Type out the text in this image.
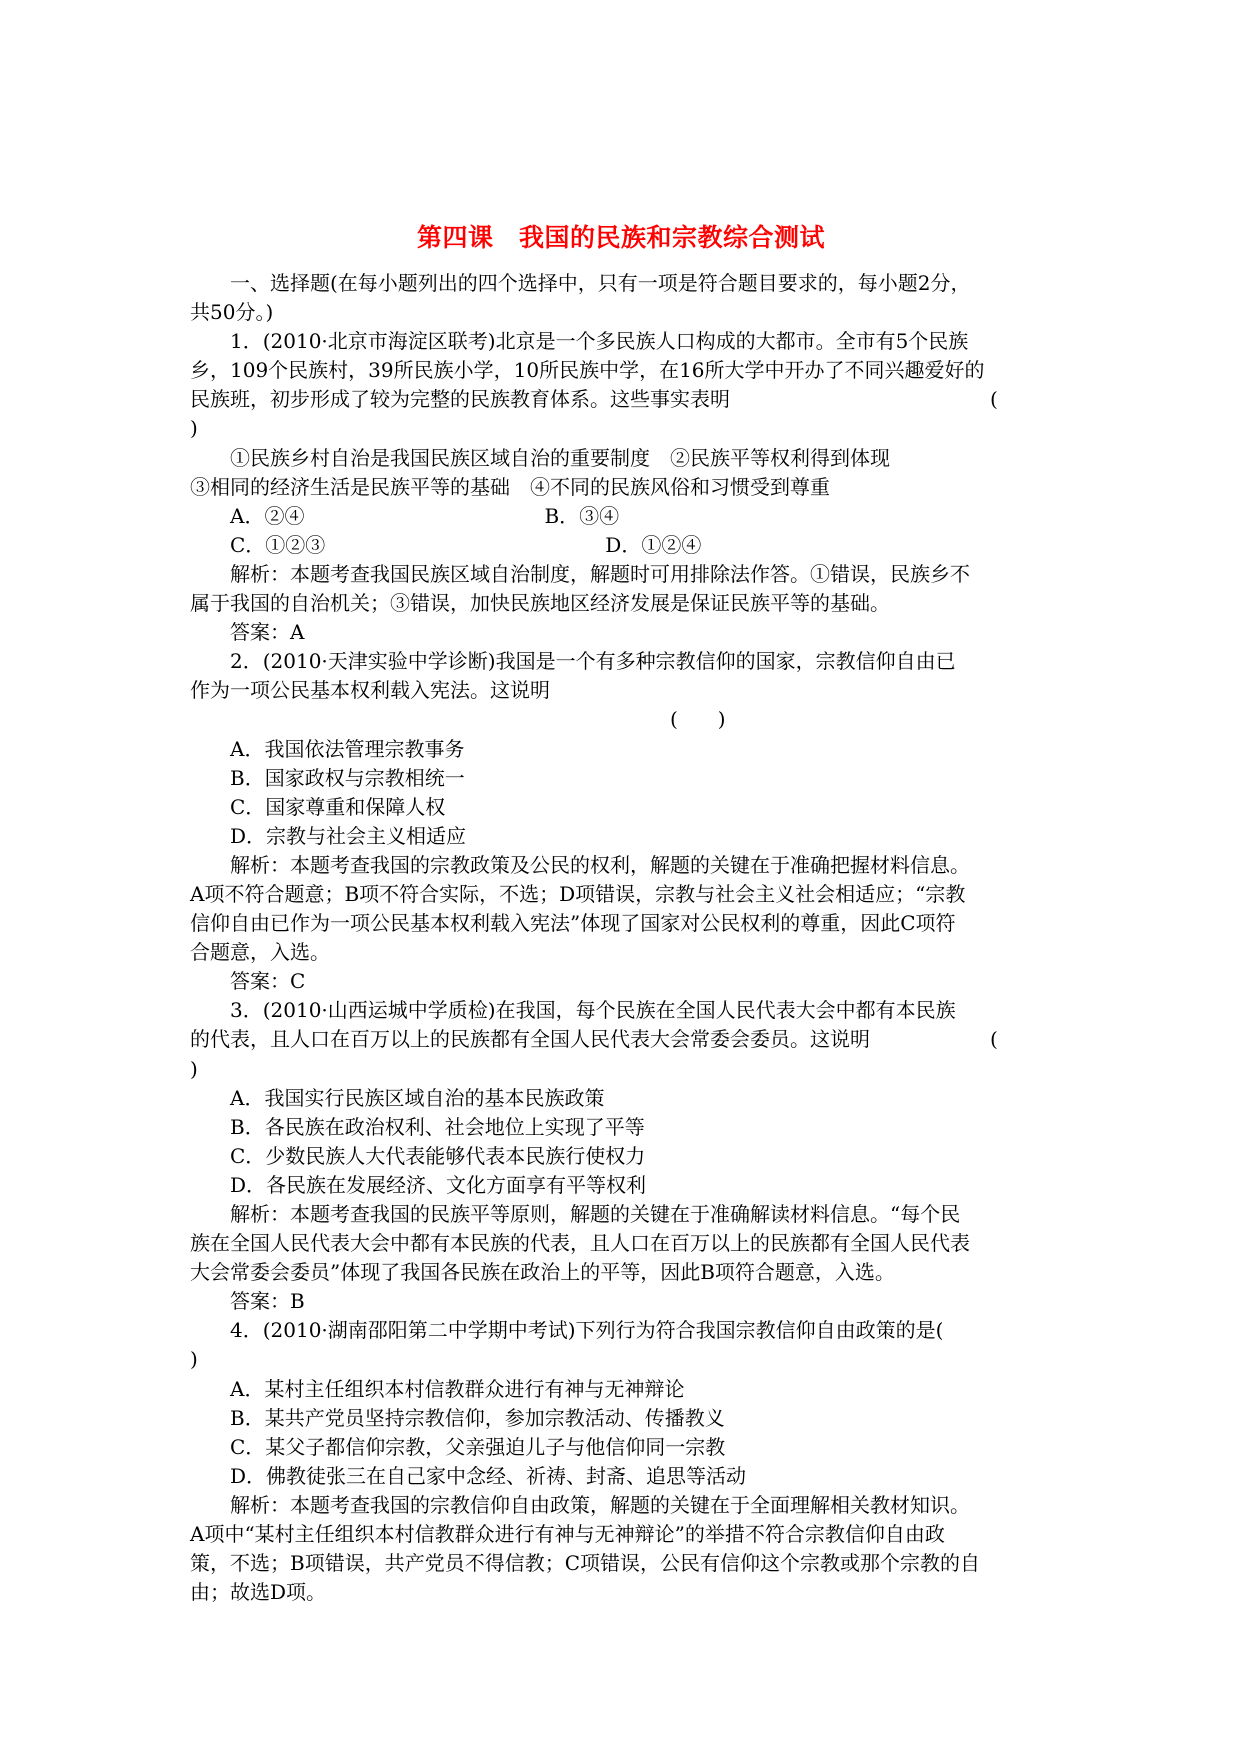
第四课　我国的民族和宗教综合测试
一、选择题(在每小题列出的四个选择中，只有一项是符合题目要求的，每小题2分，
共50分。)
1．(2010·北京市海淀区联考)北京是一个多民族人口构成的大都市。全市有5个民族
乡，109个民族村，39所民族小学，10所民族中学，在16所大学中开办了不同兴趣爱好的
民族班，初步形成了较为完整的民族教育体系。这些事实表明　　　　　　　　　　　　　(
)
①民族乡村自治是我国民族区域自治的重要制度　②民族平等权利得到体现
③相同的经济生活是民族平等的基础　④不同的民族风俗和习惯受到尊重
A．②④　　　　　　　　　　　　B．③④
C．①②③　　　　　　　　　　　　　　D．①②④
解析：本题考查我国民族区域自治制度，解题时可用排除法作答。①错误，民族乡不
属于我国的自治机关；③错误，加快民族地区经济发展是保证民族平等的基础。
答案：A
2．(2010·天津实验中学诊断)我国是一个有多种宗教信仰的国家，宗教信仰自由已
作为一项公民基本权利载入宪法。这说明
　　　　　　　　　　　　　　　　　　　　　　　　(　　)
A．我国依法管理宗教事务
B．国家政权与宗教相统一
C．国家尊重和保障人权
D．宗教与社会主义相适应
解析：本题考查我国的宗教政策及公民的权利，解题的关键在于准确把握材料信息。
A项不符合题意；B项不符合实际，不选；D项错误，宗教与社会主义社会相适应；“宗教
信仰自由已作为一项公民基本权利载入宪法”体现了国家对公民权利的尊重，因此C项符
合题意，入选。
答案：C
3．(2010·山西运城中学质检)在我国，每个民族在全国人民代表大会中都有本民族
的代表，且人口在百万以上的民族都有全国人民代表大会常委会委员。这说明　　　　　　(
)
A．我国实行民族区域自治的基本民族政策
B．各民族在政治权利、社会地位上实现了平等
C．少数民族人大代表能够代表本民族行使权力
D．各民族在发展经济、文化方面享有平等权利
解析：本题考查我国的民族平等原则，解题的关键在于准确解读材料信息。“每个民
族在全国人民代表大会中都有本民族的代表，且人口在百万以上的民族都有全国人民代表
大会常委会委员”体现了我国各民族在政治上的平等，因此B项符合题意，入选。
答案：B
4．(2010·湖南邵阳第二中学期中考试)下列行为符合我国宗教信仰自由政策的是(
)
A．某村主任组织本村信教群众进行有神与无神辩论
B．某共产党员坚持宗教信仰，参加宗教活动、传播教义
C．某父子都信仰宗教，父亲强迫儿子与他信仰同一宗教
D．佛教徒张三在自己家中念经、祈祷、封斋、追思等活动
解析：本题考查我国的宗教信仰自由政策，解题的关键在于全面理解相关教材知识。
A项中“某村主任组织本村信教群众进行有神与无神辩论”的举措不符合宗教信仰自由政
策，不选；B项错误，共产党员不得信教；C项错误，公民有信仰这个宗教或那个宗教的自
由；故选D项。
